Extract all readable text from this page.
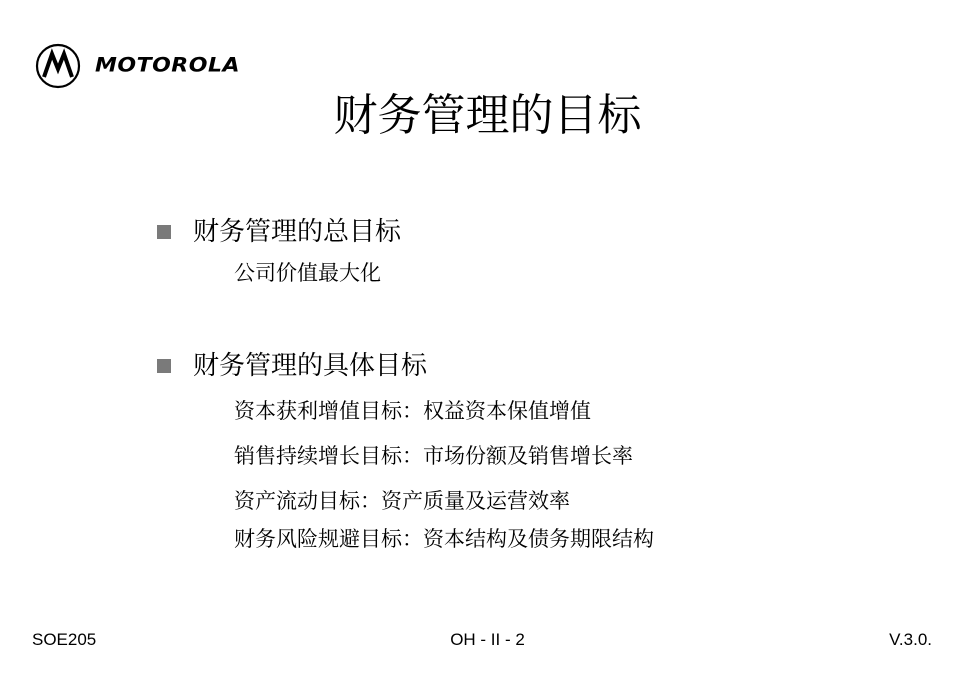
MOTOROLA
财务管理的目标
财务管理的总目标
公司价值最大化
财务管理的具体目标
资本获利增值目标：权益资本保值增值
销售持续增长目标：市场份额及销售增长率
资产流动目标：资产质量及运营效率
财务风险规避目标：资本结构及债务期限结构
SOE205	OH - II - 2	V.3.0.
